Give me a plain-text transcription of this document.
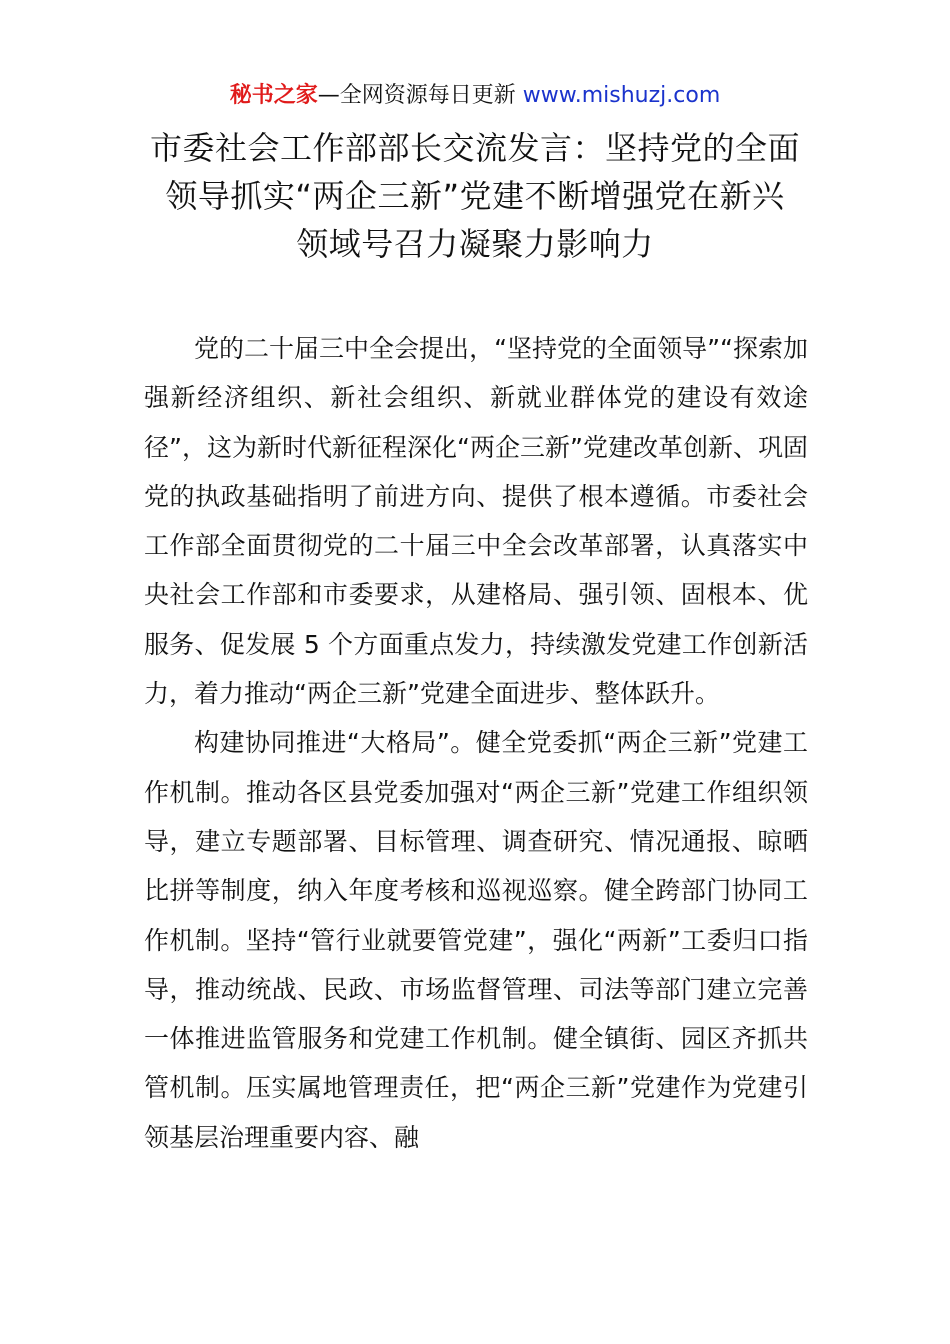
秘书之家—全网资源每日更新 www.mishuzj.com
市委社会工作部部长交流发言：坚持党的全面
领导抓实“两企三新”党建不断增强党在新兴
领域号召力凝聚力影响力

党的二十届三中全会提出，“坚持党的全面领导”“探索加强新经济组织、新社会组织、新就业群体党的建设有效途径”，这为新时代新征程深化“两企三新”党建改革创新、巩固党的执政基础指明了前进方向、提供了根本遵循。市委社会工作部全面贯彻党的二十届三中全会改革部署，认真落实中央社会工作部和市委要求，从建格局、强引领、固根本、优服务、促发展 5 个方面重点发力，持续激发党建工作创新活力，着力推动“两企三新”党建全面进步、整体跃升。

构建协同推进“大格局”。健全党委抓“两企三新”党建工作机制。推动各区县党委加强对“两企三新”党建工作组织领导，建立专题部署、目标管理、调查研究、情况通报、晾晒比拼等制度，纳入年度考核和巡视巡察。健全跨部门协同工作机制。坚持“管行业就要管党建”，强化“两新”工委归口指导，推动统战、民政、市场监督管理、司法等部门建立完善一体推进监管服务和党建工作机制。健全镇街、园区齐抓共管机制。压实属地管理责任，把“两企三新”党建作为党建引领基层治理重要内容、融
